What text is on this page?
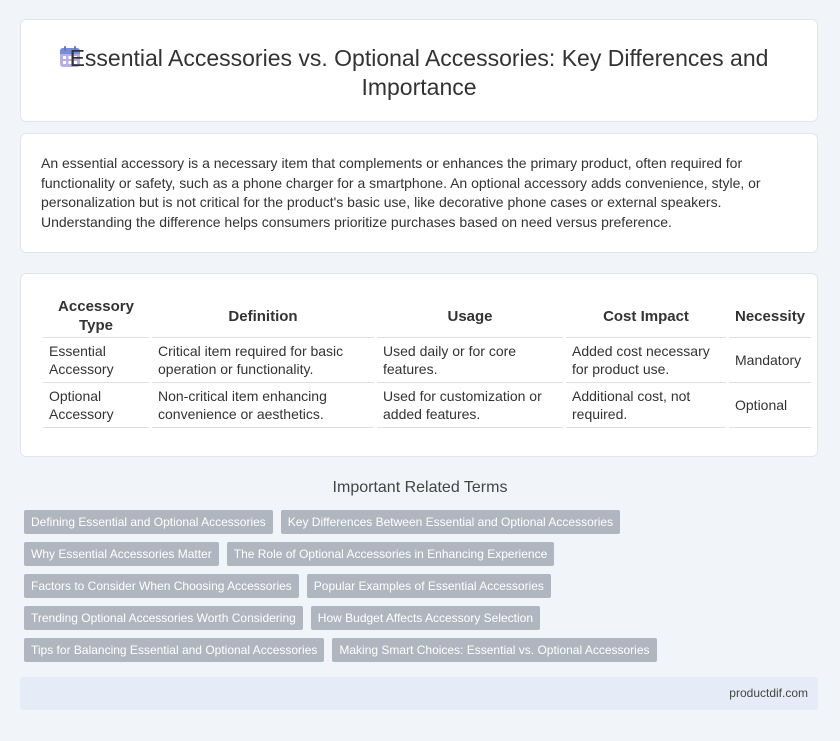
Essential Accessories vs. Optional Accessories: Key Differences and Importance

An essential accessory is a necessary item that complements or enhances the primary product, often required for functionality or safety, such as a phone charger for a smartphone. An optional accessory adds convenience, style, or personalization but is not critical for the product's basic use, like decorative phone cases or external speakers. Understanding the difference helps consumers prioritize purchases based on need versus preference.

Accessory Type	Definition	Usage	Cost Impact	Necessity
Essential Accessory	Critical item required for basic operation or functionality.	Used daily or for core features.	Added cost necessary for product use.	Mandatory
Optional Accessory	Non-critical item enhancing convenience or aesthetics.	Used for customization or added features.	Additional cost, not required.	Optional
Important Related Terms
Defining Essential and Optional Accessories	Key Differences Between Essential and Optional Accessories
Why Essential Accessories Matter	The Role of Optional Accessories in Enhancing Experience
Factors to Consider When Choosing Accessories	Popular Examples of Essential Accessories
Trending Optional Accessories Worth Considering	How Budget Affects Accessory Selection
Tips for Balancing Essential and Optional Accessories	Making Smart Choices: Essential vs. Optional Accessories
productdif.com
